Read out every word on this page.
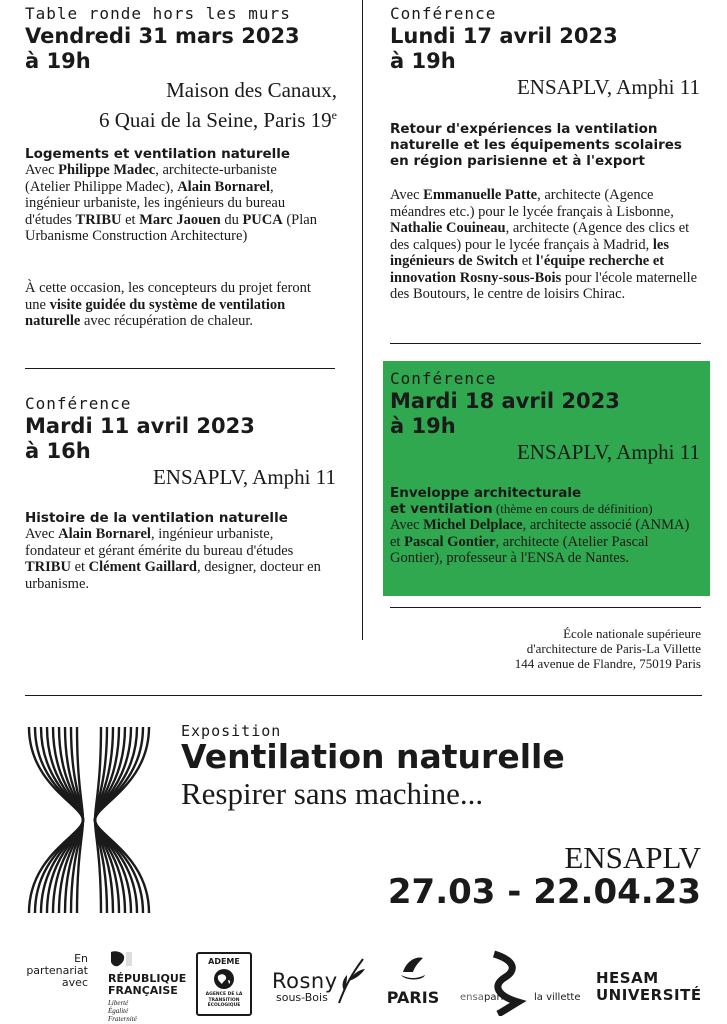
Table ronde hors les murs
Vendredi 31 mars 2023
à 19h
Maison des Canaux,
6 Quai de la Seine, Paris 19e
Logements et ventilation naturelle
Avec Philippe Madec, architecte-urbaniste (Atelier Philippe Madec), Alain Bornarel, ingénieur urbaniste, les ingénieurs du bureau d'études TRIBU et Marc Jaouen du PUCA (Plan Urbanisme Construction Architecture)
À cette occasion, les concepteurs du projet feront une visite guidée du système de ventilation naturelle avec récupération de chaleur.
Conférence
Mardi 11 avril 2023
à 16h
ENSAPLV, Amphi 11
Histoire de la ventilation naturelle
Avec Alain Bornarel, ingénieur urbaniste, fondateur et gérant émérite du bureau d'études TRIBU et Clément Gaillard, designer, docteur en urbanisme.
Conférence
Lundi 17 avril 2023
à 19h
ENSAPLV, Amphi 11
Retour d'expériences la ventilation naturelle et les équipements scolaires en région parisienne et à l'export
Avec Emmanuelle Patte, architecte (Agence méandres etc.) pour le lycée français à Lisbonne, Nathalie Couineau, architecte (Agence des clics et des calques) pour le lycée français à Madrid, les ingénieurs de Switch et l'équipe recherche et innovation Rosny-sous-Bois pour l'école maternelle des Boutours, le centre de loisirs Chirac.
Conférence
Mardi 18 avril 2023
à 19h
ENSAPLV, Amphi 11
Enveloppe architecturale
et ventilation (thème en cours de définition)
Avec Michel Delplace, architecte associé (ANMA) et Pascal Gontier, architecte (Atelier Pascal Gontier), professeur à l'ENSA de Nantes.
École nationale supérieure
d'architecture de Paris-La Villette
144 avenue de Flandre, 75019 Paris
Exposition
Ventilation naturelle
Respirer sans machine...
ENSAPLV
27.03 - 22.04.23
En
partenariat
avec RÉPUBLIQUE
FRANÇAISE
Liberté
Égalité
Fraternité
ADEME
AGENCE DE LA
TRANSITION
ÉCOLOGIQUE
Rosny
sous-Bois	PARIS	ensa paris	la villette
HESAM
UNIVERSITÉ
